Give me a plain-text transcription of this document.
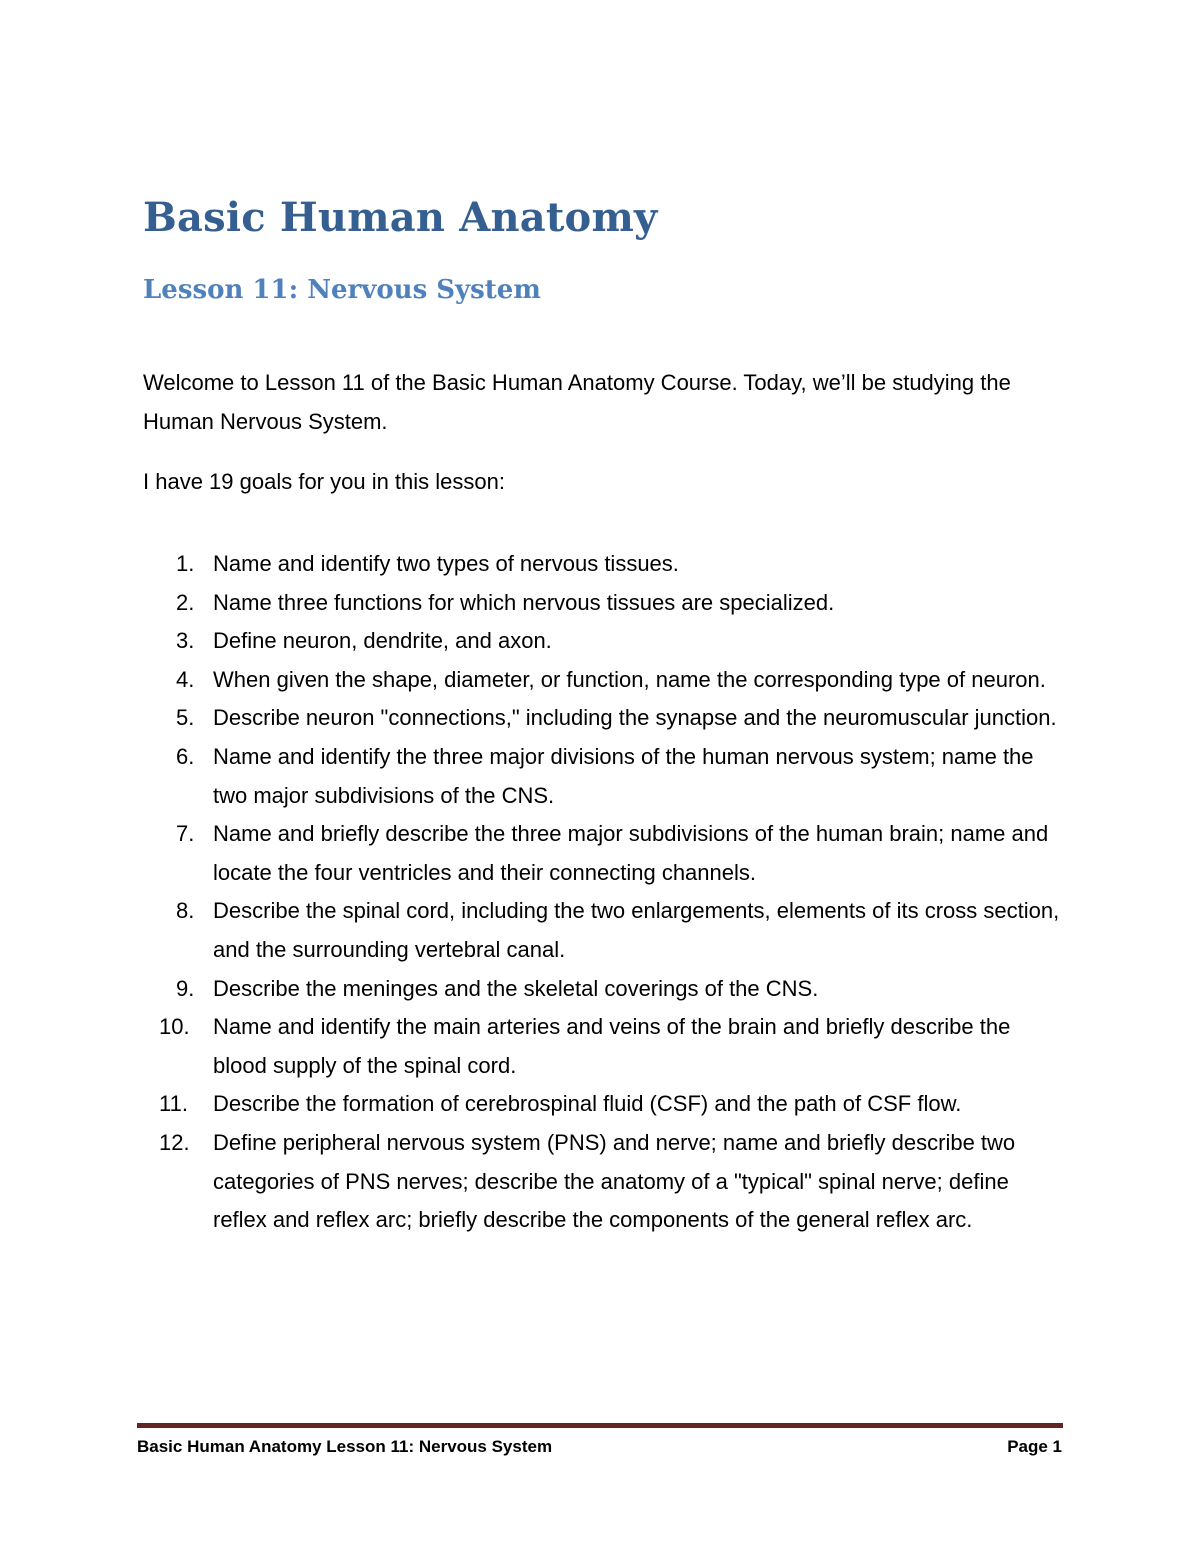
Basic Human Anatomy
Lesson 11: Nervous System

Welcome to Lesson 11 of the Basic Human Anatomy Course. Today, we’ll be studying the Human Nervous System.

I have 19 goals for you in this lesson:

1. Name and identify two types of nervous tissues.
2. Name three functions for which nervous tissues are specialized.
3. Define neuron, dendrite, and axon.
4. When given the shape, diameter, or function, name the corresponding type of neuron.
5. Describe neuron "connections," including the synapse and the neuromuscular junction.
6. Name and identify the three major divisions of the human nervous system; name the two major subdivisions of the CNS.
7. Name and briefly describe the three major subdivisions of the human brain; name and locate the four ventricles and their connecting channels.
8. Describe the spinal cord, including the two enlargements, elements of its cross section, and the surrounding vertebral canal.
9. Describe the meninges and the skeletal coverings of the CNS.
10. Name and identify the main arteries and veins of the brain and briefly describe the blood supply of the spinal cord.
11. Describe the formation of cerebrospinal fluid (CSF) and the path of CSF flow.
12. Define peripheral nervous system (PNS) and nerve; name and briefly describe two categories of PNS nerves; describe the anatomy of a "typical" spinal nerve; define reflex and reflex arc; briefly describe the components of the general reflex arc.
Basic Human Anatomy Lesson 11: Nervous System	Page 1
